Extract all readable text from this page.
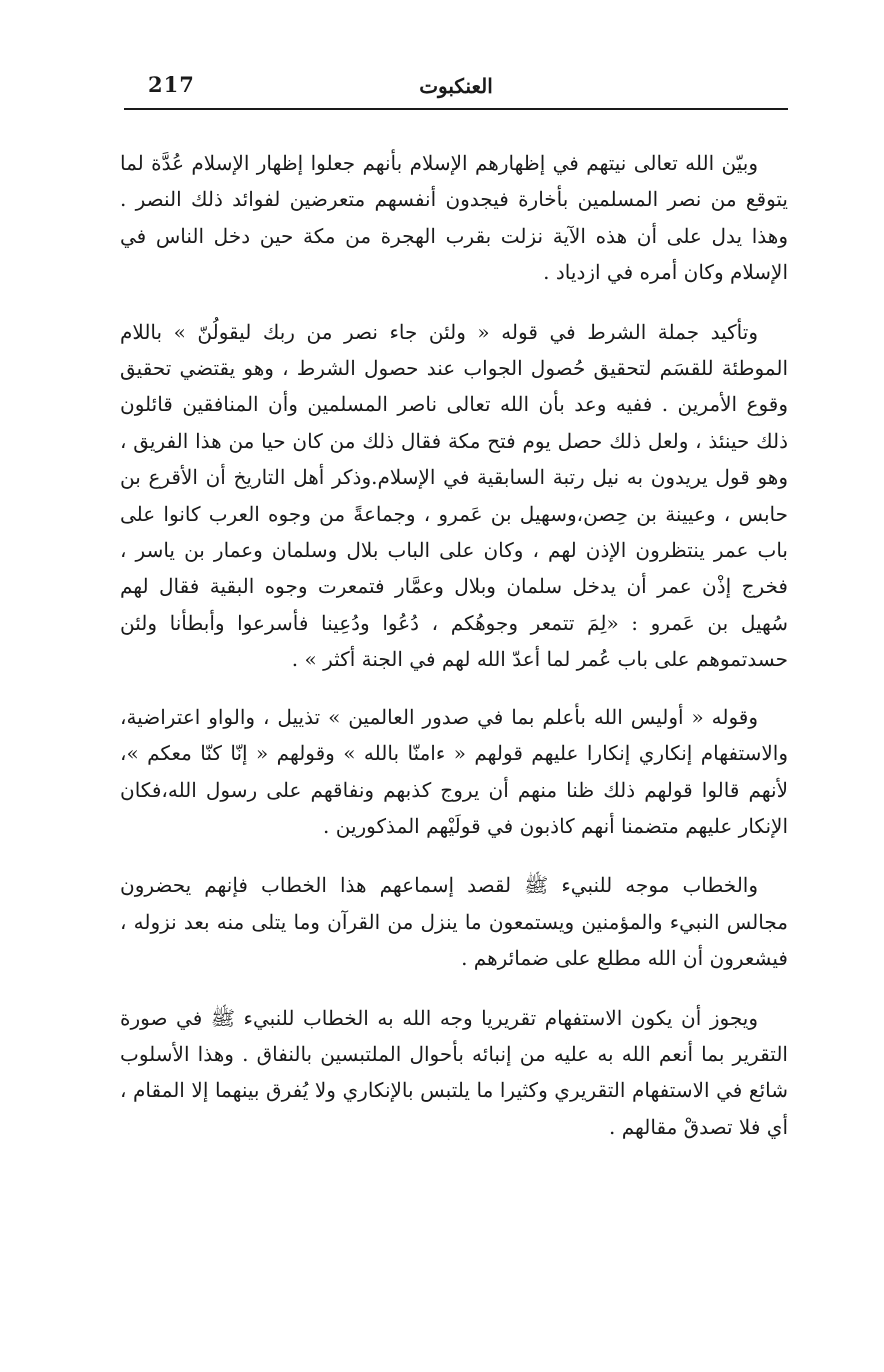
217	العنكبوت

وبيّن الله تعالى نيتهم في إظهارهم الإسلام بأنهم جعلوا إظهار الإسلام عُدَّة لما يتوقع من نصر المسلمين بأخارة فيجدون أنفسهم متعرضين لفوائد ذلك النصر . وهذا يدل على أن هذه الآية نزلت بقرب الهجرة من مكة حين دخل الناس في الإسلام وكان أمره في ازدياد .

وتأكيد جملة الشرط في قوله « ولئن جاء نصر من ربك ليقولُنّ » باللام الموطئة للقسَم لتحقيق حُصول الجواب عند حصول الشرط ، وهو يقتضي تحقيق وقوع الأمرين . ففيه وعد بأن الله تعالى ناصر المسلمين وأن المنافقين قائلون ذلك حينئذ ، ولعل ذلك حصل يوم فتح مكة فقال ذلك من كان حيا من هذا الفريق ، وهو قول يريدون به نيل رتبة السابقية في الإسلام.وذكر أهل التاريخ أن الأقرع بن حابس ، وعيينة بن حِصن،وسهيل بن عَمرو ، وجماعةً من وجوه العرب كانوا على باب عمر ينتظرون الإذن لهم ، وكان على الباب بلال وسلمان وعمار بن ياسر ، فخرج إذْن عمر أن يدخل سلمان وبلال وعمَّار فتمعرت وجوه البقية فقال لهم سُهيل بن عَمرو : «لِمَ تتمعر وجوهُكم ، دُعُوا ودُعِينا فأسرعوا وأبطأنا ولئن حسدتموهم على باب عُمر لما أعدّ الله لهم في الجنة أكثر » .

وقوله « أوليس الله بأعلم بما في صدور العالمين » تذييل ، والواو اعتراضية، والاستفهام إنكاري إنكارا عليهم قولهم « ءامنّا بالله » وقولهم « إنّا كنّا معكم »، لأنهم قالوا قولهم ذلك ظنا منهم أن يروج كذبهم ونفاقهم على رسول الله،فكان الإنكار عليهم متضمنا أنهم كاذبون في قولَيْهم المذكورين .

والخطاب موجه للنبيء ﷺ لقصد إسماعهم هذا الخطاب فإنهم يحضرون مجالس النبيء والمؤمنين ويستمعون ما ينزل من القرآن وما يتلى منه بعد نزوله ، فيشعرون أن الله مطلع على ضمائرهم .

ويجوز أن يكون الاستفهام تقريريا وجه الله به الخطاب للنبيء ﷺ في صورة التقرير بما أنعم الله به عليه من إنبائه بأحوال الملتبسين بالنفاق . وهذا الأسلوب شائع في الاستفهام التقريري وكثيرا ما يلتبس بالإنكاري ولا يُفرق بينهما إلا المقام ، أي فلا تصدقْ مقالهم .
